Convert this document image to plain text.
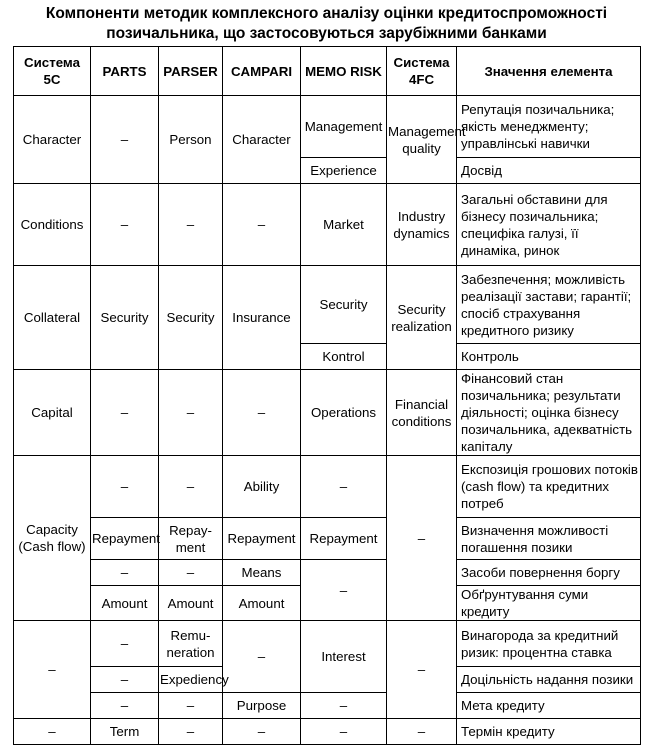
Компоненти методик комплексного аналізу оцінки кредитоспроможності позичальника, що застосовуються зарубіжними банками
Система 5С	PARTS	PARSER	CAMPARI	MEMO RISK	Система 4FC	Значення елемента
Character	–	Person	Character	Management	Management quality	Репутація позичальника; якість менеджменту; управлінські навички
				Experience		Досвід
Conditions	–	–	–	Market	Industry dynamics	Загальні обставини для бізнесу позичальника; специфіка галузі, її динаміка, ринок
Collateral	Security	Security	Insurance	Security	Security realization	Забезпечення; можливість реалізації застави; гарантії; спосіб страхування кредитного ризику
				Kontrol		Контроль
Capital	–	–	–	Operations	Financial conditions	Фінансовий стан позичальника; результати діяльності; оцінка бізнесу позичальника, адекватність капіталу
Capacity (Cash flow)	–	–	Ability	–	–	Експозиція грошових потоків (cash flow) та кредитних потреб
	Repayment	Repay-ment	Repayment	Repayment		Визначення можливості погашення позики
	–	–	Means	–		Засоби повернення боргу
	Amount	Amount	Amount			Обґрунтування суми кредиту
–	–	Remu-neration	–	Interest	–	Винагорода за кредитний ризик: процентна ставка
	–	Expediency				Доцільність надання позики
	–	–	Purpose	–		Мета кредиту
–	Term	–	–	–	–	Термін кредиту
